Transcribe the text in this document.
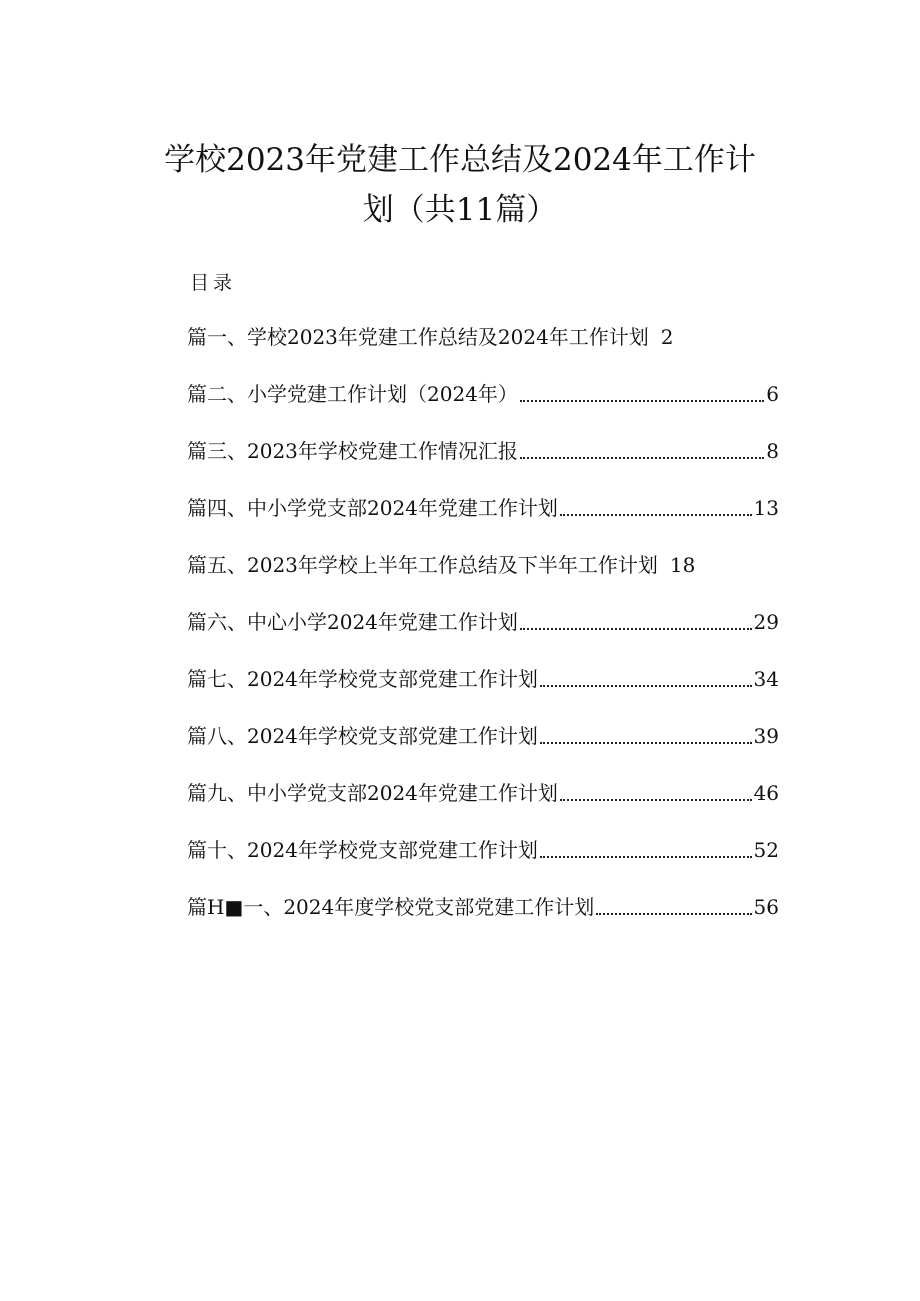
学校2023年党建工作总结及2024年工作计
划（共11篇）
目录
篇一、学校2023年党建工作总结及2024年工作计划 2
篇二、小学党建工作计划（2024年）	6
篇三、2023年学校党建工作情况汇报	8
篇四、中小学党支部2024年党建工作计划	13
篇五、2023年学校上半年工作总结及下半年工作计划 18
篇六、中心小学2024年党建工作计划	29
篇七、2024年学校党支部党建工作计划	34
篇八、2024年学校党支部党建工作计划	39
篇九、中小学党支部2024年党建工作计划	46
篇十、2024年学校党支部党建工作计划	52
篇H■一、2024年度学校党支部党建工作计划	56
